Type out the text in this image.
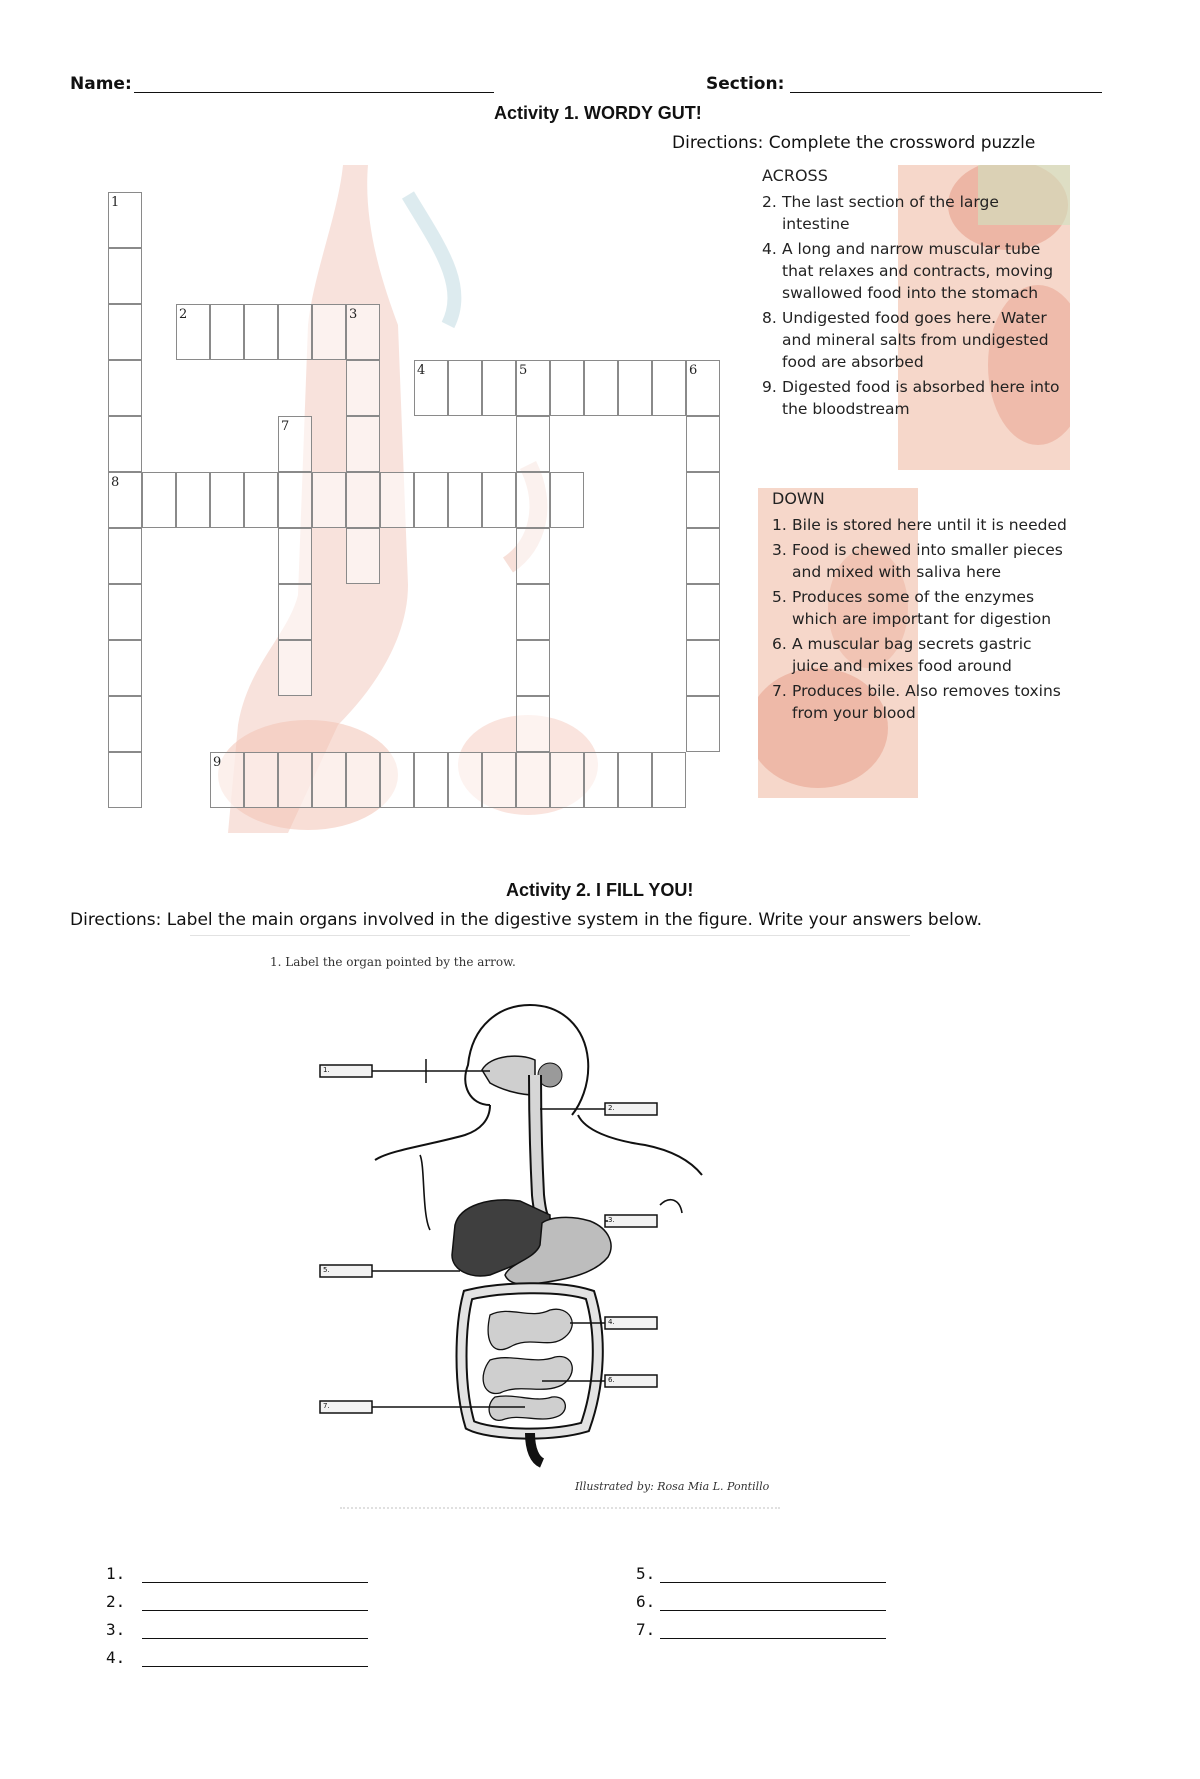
Name:	Section:
Activity 1. WORDY GUT!
Directions: Complete the crossword puzzle
1
8
2	3
4	5	6
7
9
ACROSS
2. The last section of the large intestine
4. A long and narrow muscular tube that relaxes and contracts, moving swallowed food into the stomach
8. Undigested food goes here. Water and mineral salts from undigested food are absorbed
9. Digested food is absorbed here into the bloodstream
DOWN
1. Bile is stored here until it is needed
3. Food is chewed into smaller pieces and mixed with saliva here
5. Produces some of the enzymes which are important for digestion
6. A muscular bag secrets gastric juice and mixes food around
7. Produces bile. Also removes toxins from your blood
Activity 2. I FILL YOU!
Directions: Label the main organs involved in the digestive system in the figure. Write your answers below.
1. Label the organ pointed by the arrow.
1.
2.
3.
5.
4.
6.
7.
Illustrated by: Rosa Mia L. Pontillo
1.
2.
3.
4.
5.
6.
7.
